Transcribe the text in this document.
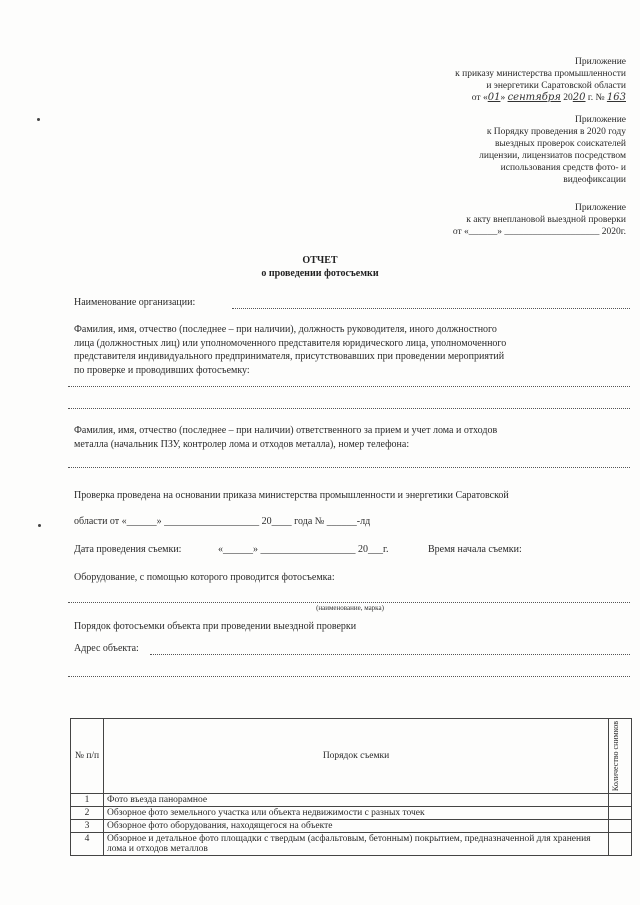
Приложение
к приказу министерства промышленности
и энергетики Саратовской области
от «01» сентября 2020 г. № 163
Приложение
к Порядку проведения в 2020 году
выездных проверок соискателей
лицензии, лицензиатов посредством
использования средств фото- и
видеофиксации
Приложение
к акту внеплановой выездной проверки
от «______» ____________________ 2020г.
ОТЧЕТ
о проведении фотосъемки
Наименование организации:
Фамилия, имя, отчество (последнее – при наличии), должность руководителя, иного должностного
лица (должностных лиц) или уполномоченного представителя юридического лица, уполномоченного
представителя индивидуального предпринимателя, присутствовавших при проведении мероприятий
по проверке и проводивших фотосъемку:
Фамилия, имя, отчество (последнее – при наличии) ответственного за прием и учет лома и отходов
металла (начальник ПЗУ, контролер лома и отходов металла), номер телефона:
Проверка проведена на основании приказа министерства промышленности и энергетики Саратовской
области от «______» ___________________ 20____ года № ______-лд
Дата проведения съемки:	«______» ___________________ 20___г.	Время начала съемки:
Оборудование, с помощью которого проводится фотосъемка:
(наименование, марка)
Порядок фотосъемки объекта при проведении выездной проверки
Адрес объекта:
№ п/п	Порядок съемки	Количество снимков

1	Фото въезда панорамное	
2	Обзорное фото земельного участка или объекта недвижимости с разных точек	
3	Обзорное фото оборудования, находящегося на объекте	
4	Обзорное и детальное фото площадки с твердым (асфальтовым, бетонным) покрытием, предназначенной для хранения лома и отходов металлов	
